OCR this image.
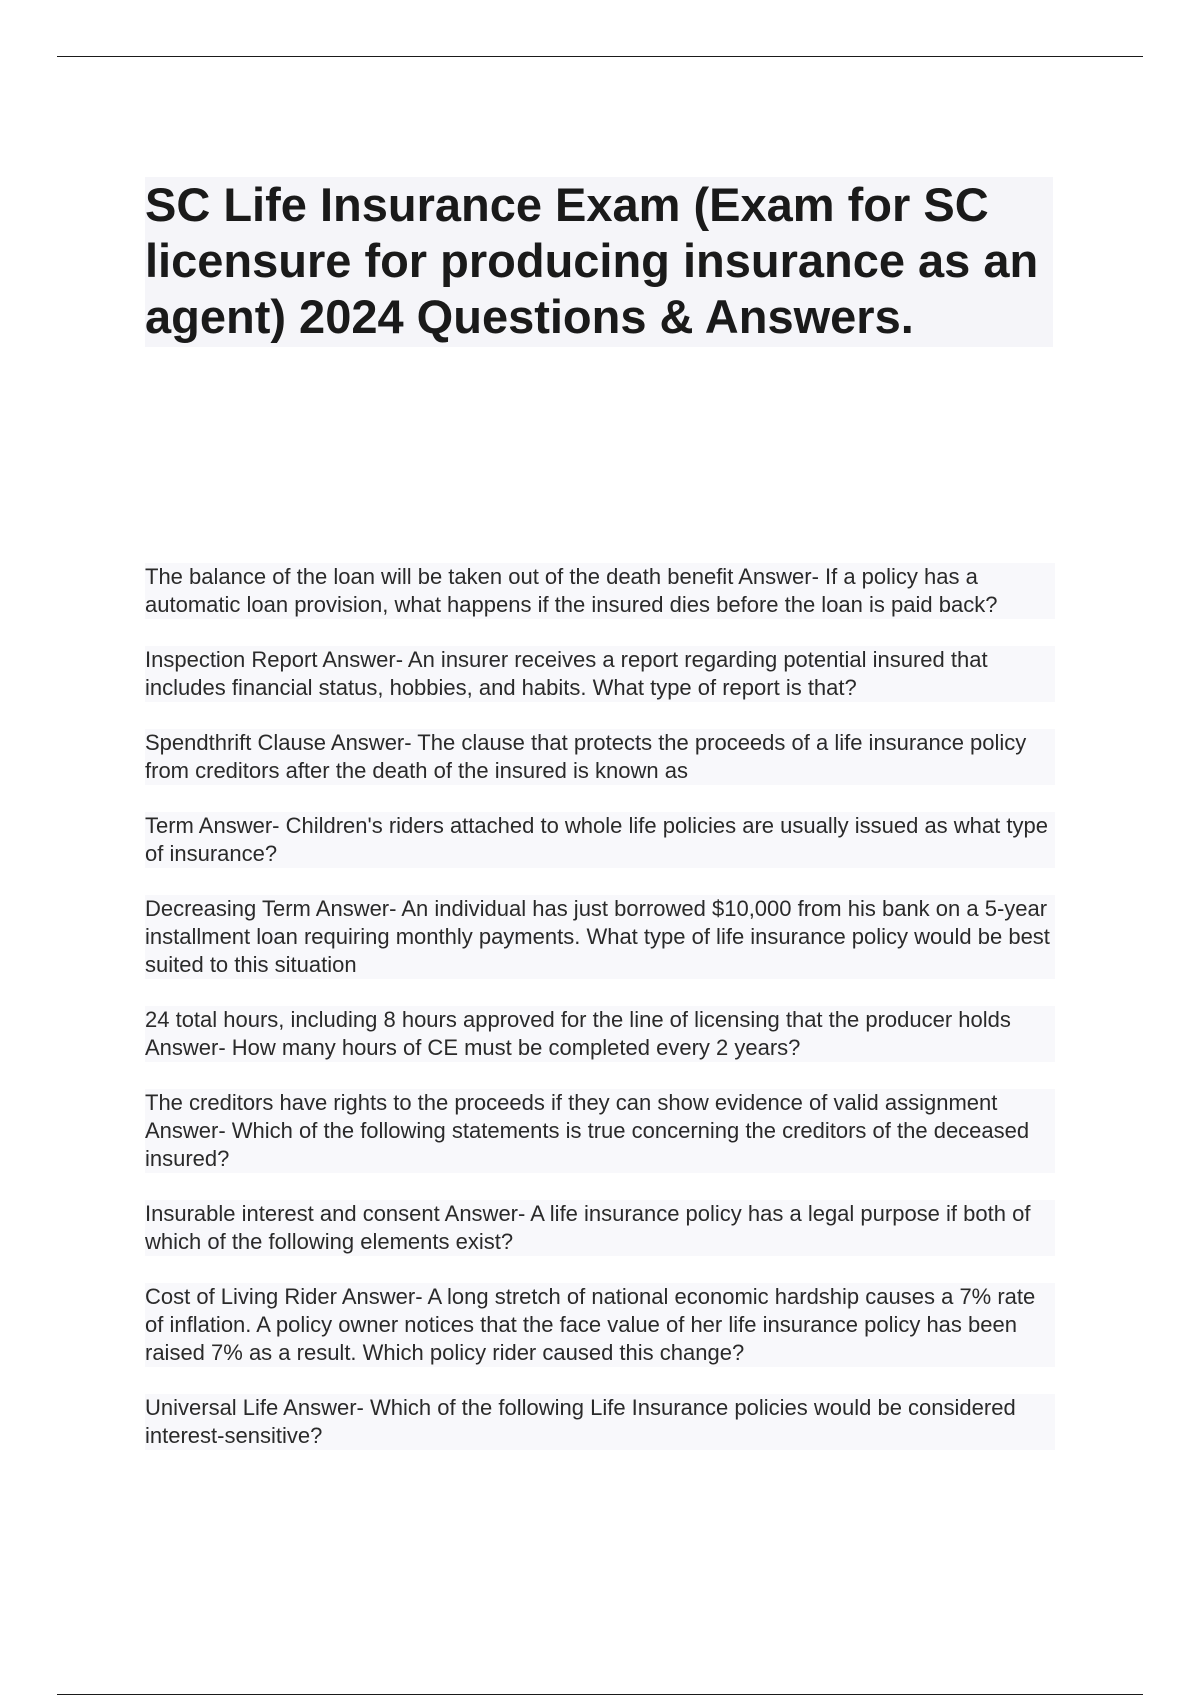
SC Life Insurance Exam (Exam for SC licensure for producing insurance as an agent) 2024 Questions & Answers.
The balance of the loan will be taken out of the death benefit Answer- If a policy has a automatic loan provision, what happens if the insured dies before the loan is paid back?
Inspection Report Answer- An insurer receives a report regarding potential insured that includes financial status, hobbies, and habits. What type of report is that?
Spendthrift Clause Answer- The clause that protects the proceeds of a life insurance policy from creditors after the death of the insured is known as
Term Answer- Children's riders attached to whole life policies are usually issued as what type of insurance?
Decreasing Term Answer- An individual has just borrowed $10,000 from his bank on a 5-year installment loan requiring monthly payments. What type of life insurance policy would be best suited to this situation
24 total hours, including 8 hours approved for the line of licensing that the producer holds Answer- How many hours of CE must be completed every 2 years?
The creditors have rights to the proceeds if they can show evidence of valid assignment Answer- Which of the following statements is true concerning the creditors of the deceased insured?
Insurable interest and consent Answer- A life insurance policy has a legal purpose if both of which of the following elements exist?
Cost of Living Rider Answer- A long stretch of national economic hardship causes a 7% rate of inflation. A policy owner notices that the face value of her life insurance policy has been raised 7% as a result. Which policy rider caused this change?
Universal Life Answer- Which of the following Life Insurance policies would be considered interest-sensitive?
